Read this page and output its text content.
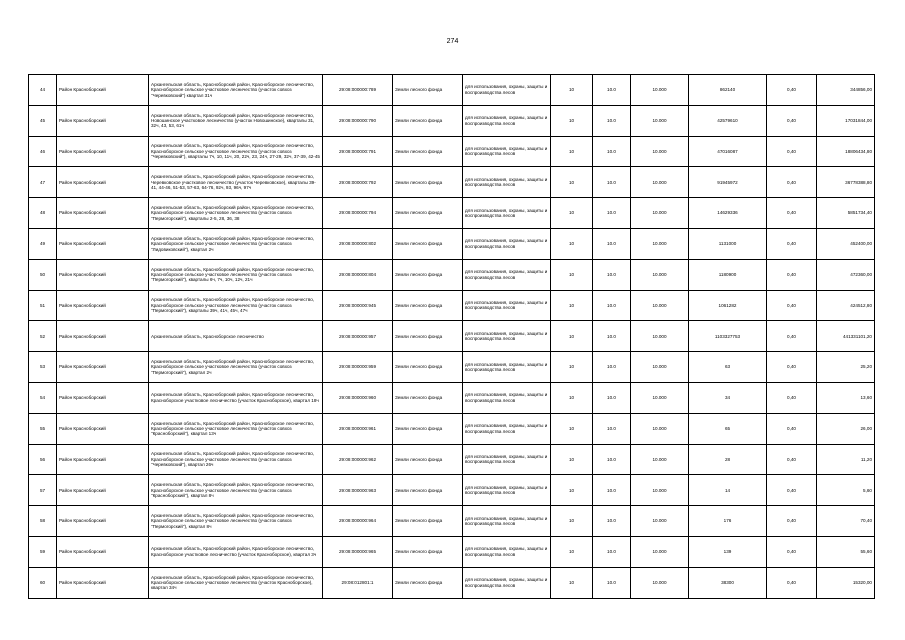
274
44	Район Красноборский	Архангельская область, Красноборский район, Красноборское лесничество, Красноборское сельское участковое лесничество (участок совхоз "Черевковский") квартал 31ч	29:08:000000:789	Земли лесного фонда	для использования, охраны, защиты и воспроизводства лесов	10	10.0	10.000	862140	0,40	344856,00
45	Район Красноборский	Архангельская область, Красноборский район, Красноборское лесничество, Новошинское участковое лесничество (участок Новошинское), кварталы 31, 32ч, 43, 53, 61ч	29:08:000000:790	Земли лесного фонда	для использования, охраны, защиты и воспроизводства лесов	10	10.0	10.000	42579610	0,40	17031844,00
46	Район Красноборский	Архангельская область, Красноборский район, Красноборское лесничество, Красноборское сельское участковое лесничество (участок совхоз "Черевковский"), кварталы 7ч, 10, 11ч, 20, 22ч, 23, 24ч, 27-29, 32ч, 37-39, 42-45	29:08:000000:791	Земли лесного фонда	для использования, охраны, защиты и воспроизводства лесов	10	10.0	10.000	47016087	0,40	18806434,80
47	Район Красноборский	Архангельская область, Красноборский район, Красноборское лесничество, Черевковское участковое лесничество (участок Черевковское), кварталы 39-41, 44-46, 51-53, 57-63, 64-76, 92ч, 93, 96ч, 97ч	29:08:000000:792	Земли лесного фонда	для использования, охраны, защиты и воспроизводства лесов	10	10.0	10.000	91945972	0,40	36778388,80
48	Район Красноборский	Архангельская область, Красноборский район, Красноборское лесничество, Красноборское сельское участковое лесничество (участок совхоз "Пермогорский"), кварталы 2-5, 28, 36, 38	29:08:000000:794	Земли лесного фонда	для использования, охраны, защиты и воспроизводства лесов	10	10.0	10.000	14629336	0,40	5851734,40
49	Район Красноборский	Архангельская область, Красноборский район, Красноборское лесничество, Красноборское сельское участковое лесничество (участок совхоз "Лидовиковский"), квартал 2ч	29:08:000000:802	Земли лесного фонда	для использования, охраны, защиты и воспроизводства лесов	10	10.0	10.000	1131000	0,40	452400,00
50	Район Красноборский	Архангельская область, Красноборский район, Красноборское лесничество, Красноборское сельское участковое лесничество (участок совхоз "Пермогорский"), кварталы 6ч, 7ч, 10ч, 12ч, 21ч	29:08:000000:804	Земли лесного фонда	для использования, охраны, защиты и воспроизводства лесов	10	10.0	10.000	1180900	0,40	472360,00
51	Район Красноборский	Архангельская область, Красноборский район, Красноборское лесничество, Красноборское сельское участковое лесничество (участок совхоз "Пермогорский"), кварталы 39ч, 41ч, 45ч, 47ч	29:08:000000:945	Земли лесного фонда	для использования, охраны, защиты и воспроизводства лесов	10	10.0	10.000	1061282	0,40	424512,80
52	Район Красноборский	Архангельская область, Красноборское лесничество	29:08:000000:957	Земли лесного фонда	для использования, охраны, защиты и воспроизводства лесов	10	10.0	10.000	1103327753	0,40	441331101,20
53	Район Красноборский	Архангельская область, Красноборский район, Красноборское лесничество, Красноборское сельское участковое лесничество (участок совхоз "Пермогорский"), квартал 2ч	29:08:000000:959	Земли лесного фонда	для использования, охраны, защиты и воспроизводства лесов	10	10.0	10.000	63	0,40	25,20
54	Район Красноборский	Архангельская область, Красноборский район, Красноборское лесничество, Красноборское участковое лесничество (участок Красноборское), квартал 18ч	29:08:000000:960	Земли лесного фонда	для использования, охраны, защиты и воспроизводства лесов	10	10.0	10.000	34	0,40	13,60
55	Район Красноборский	Архангельская область, Красноборский район, Красноборское лесничество, Красноборское сельское участковое лесничество (участок совхоз "Красноборский"), квартал 13ч	29:08:000000:961	Земли лесного фонда	для использования, охраны, защиты и воспроизводства лесов	10	10.0	10.000	65	0,40	26,00
56	Район Красноборский	Архангельская область, Красноборский район, Красноборское лесничество, Красноборское сельское участковое лесничество (участок совхоз "Черевковский"), квартал 26ч	29:08:000000:962	Земли лесного фонда	для использования, охраны, защиты и воспроизводства лесов	10	10.0	10.000	28	0,40	11,20
57	Район Красноборский	Архангельская область, Красноборский район, Красноборское лесничество, Красноборское сельское участковое лесничество (участок совхоз "Красноборский"), квартал 8ч	29:08:000000:963	Земли лесного фонда	для использования, охраны, защиты и воспроизводства лесов	10	10.0	10.000	14	0,40	5,60
58	Район Красноборский	Архангельская область, Красноборский район, Красноборское лесничество, Красноборское сельское участковое лесничество (участок совхоз "Пермогорский"), квартал 8ч	29:08:000000:964	Земли лесного фонда	для использования, охраны, защиты и воспроизводства лесов	10	10.0	10.000	176	0,40	70,40
59	Район Красноборский	Архангельская область, Красноборский район, Красноборское лесничество, Красноборское участковое лесничество (участок Красноборское), квартал 3ч	29:08:000000:965	Земли лесного фонда	для использования, охраны, защиты и воспроизводства лесов	10	10.0	10.000	139	0,40	55,60
60	Район Красноборский	Архангельская область, Красноборский район, Красноборское лесничество, Красноборское сельское участковое лесничество (участок Красноборское), квартал 34ч	29:08:012801:1	Земли лесного фонда	для использования, охраны, защиты и воспроизводства лесов	10	10.0	10.000	38300	0,40	15320,00
